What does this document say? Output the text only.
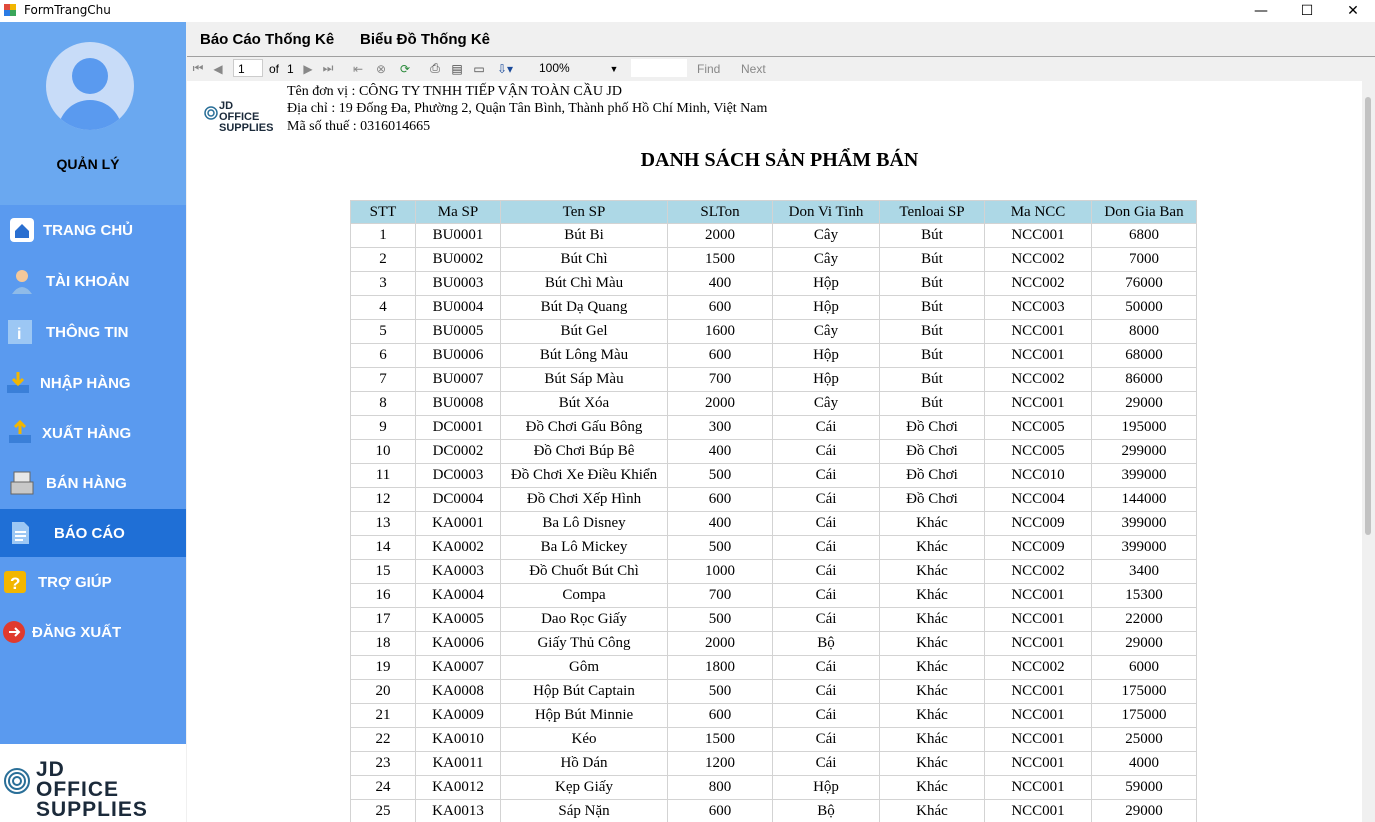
FormTrangChu	—	☐	✕
QUẢN LÝ
TRANG CHỦ
TÀI KHOẢN
i THÔNG TIN
NHẬP HÀNG
XUẤT HÀNG
BÁN HÀNG
BÁO CÁO
? TRỢ GIÚP
ĐĂNG XUẤT
JD OFFICE SUPPLIES
Báo Cáo Thống Kê Biểu Đồ Thống Kê
⏮ ◀	1	of 1 ▶ ⏭ ⇤ ⊗ ⟳ ⎙ ▤ ▭	⇩▾	100%	▼	Find Next
JD OFFICE SUPPLIES
Tên đơn vị : CÔNG TY TNHH TIẾP VẬN TOÀN CẦU JD
Địa chỉ : 19 Đống Đa, Phường 2, Quận Tân Bình, Thành phố Hồ Chí Minh, Việt Nam
Mã số thuế : 0316014665
DANH SÁCH SẢN PHẨM BÁN
STT	Ma SP	Ten SP	SLTon	Don Vi Tinh	Tenloai SP	Ma NCC	Don Gia Ban
1	BU0001	Bút Bi	2000	Cây	Bút	NCC001	6800
2	BU0002	Bút Chì	1500	Cây	Bút	NCC002	7000
3	BU0003	Bút Chì Màu	400	Hộp	Bút	NCC002	76000
4	BU0004	Bút Dạ Quang	600	Hộp	Bút	NCC003	50000
5	BU0005	Bút Gel	1600	Cây	Bút	NCC001	8000
6	BU0006	Bút Lông Màu	600	Hộp	Bút	NCC001	68000
7	BU0007	Bút Sáp Màu	700	Hộp	Bút	NCC002	86000
8	BU0008	Bút Xóa	2000	Cây	Bút	NCC001	29000
9	DC0001	Đồ Chơi Gấu Bông	300	Cái	Đồ Chơi	NCC005	195000
10	DC0002	Đồ Chơi Búp Bê	400	Cái	Đồ Chơi	NCC005	299000
11	DC0003	Đồ Chơi Xe Điều Khiển	500	Cái	Đồ Chơi	NCC010	399000
12	DC0004	Đồ Chơi Xếp Hình	600	Cái	Đồ Chơi	NCC004	144000
13	KA0001	Ba Lô Disney	400	Cái	Khác	NCC009	399000
14	KA0002	Ba Lô Mickey	500	Cái	Khác	NCC009	399000
15	KA0003	Đồ Chuốt Bút Chì	1000	Cái	Khác	NCC002	3400
16	KA0004	Compa	700	Cái	Khác	NCC001	15300
17	KA0005	Dao Rọc Giấy	500	Cái	Khác	NCC001	22000
18	KA0006	Giấy Thủ Công	2000	Bộ	Khác	NCC001	29000
19	KA0007	Gôm	1800	Cái	Khác	NCC002	6000
20	KA0008	Hộp Bút Captain	500	Cái	Khác	NCC001	175000
21	KA0009	Hộp Bút Minnie	600	Cái	Khác	NCC001	175000
22	KA0010	Kéo	1500	Cái	Khác	NCC001	25000
23	KA0011	Hồ Dán	1200	Cái	Khác	NCC001	4000
24	KA0012	Kẹp Giấy	800	Hộp	Khác	NCC001	59000
25	KA0013	Sáp Nặn	600	Bộ	Khác	NCC001	29000
